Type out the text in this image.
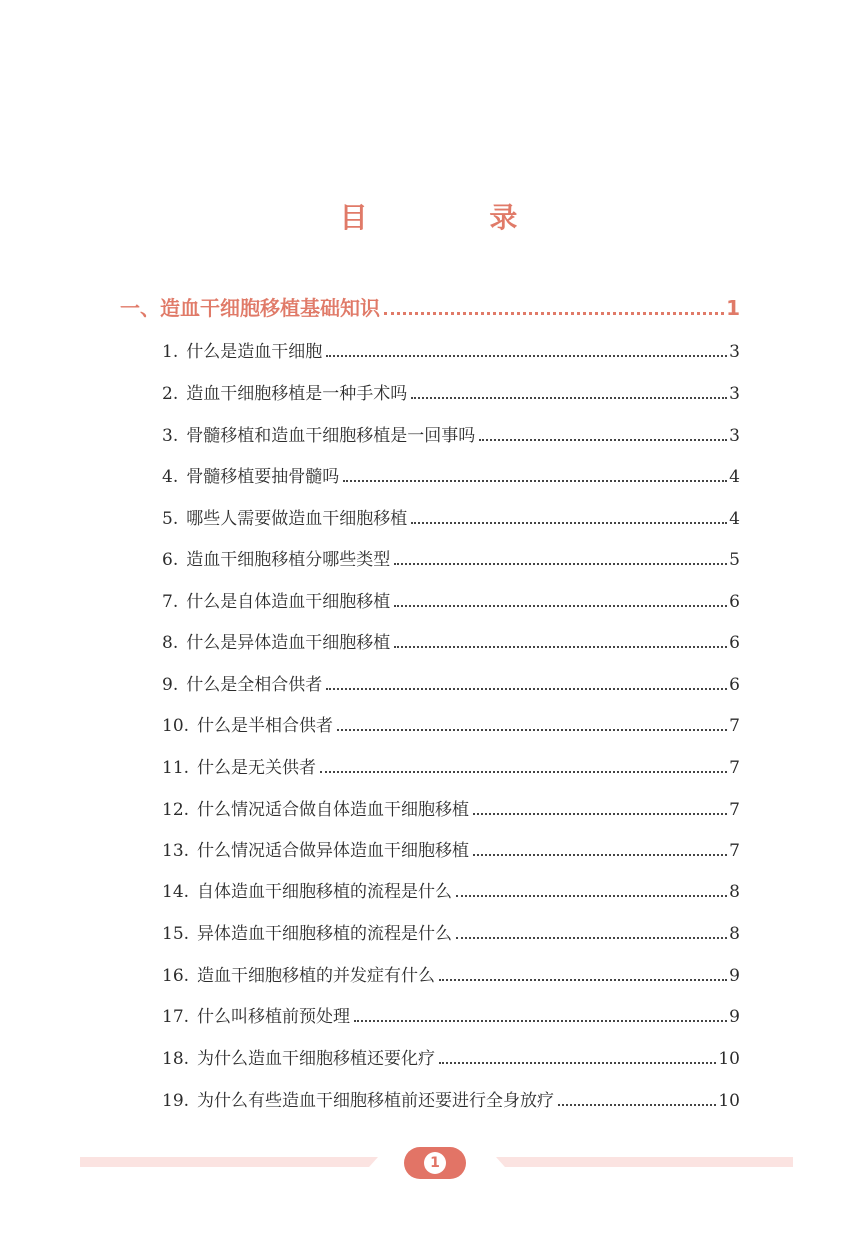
目 录
一、造血干细胞移植基础知识	1
1. 什么是造血干细胞	3
2. 造血干细胞移植是一种手术吗	3
3. 骨髓移植和造血干细胞移植是一回事吗	3
4. 骨髓移植要抽骨髓吗	4
5. 哪些人需要做造血干细胞移植	4
6. 造血干细胞移植分哪些类型	5
7. 什么是自体造血干细胞移植	6
8. 什么是异体造血干细胞移植	6
9. 什么是全相合供者	6
10. 什么是半相合供者	7
11. 什么是无关供者	7
12. 什么情况适合做自体造血干细胞移植	7
13. 什么情况适合做异体造血干细胞移植	7
14. 自体造血干细胞移植的流程是什么	8
15. 异体造血干细胞移植的流程是什么	8
16. 造血干细胞移植的并发症有什么	9
17. 什么叫移植前预处理	9
18. 为什么造血干细胞移植还要化疗	10
19. 为什么有些造血干细胞移植前还要进行全身放疗	10
1
